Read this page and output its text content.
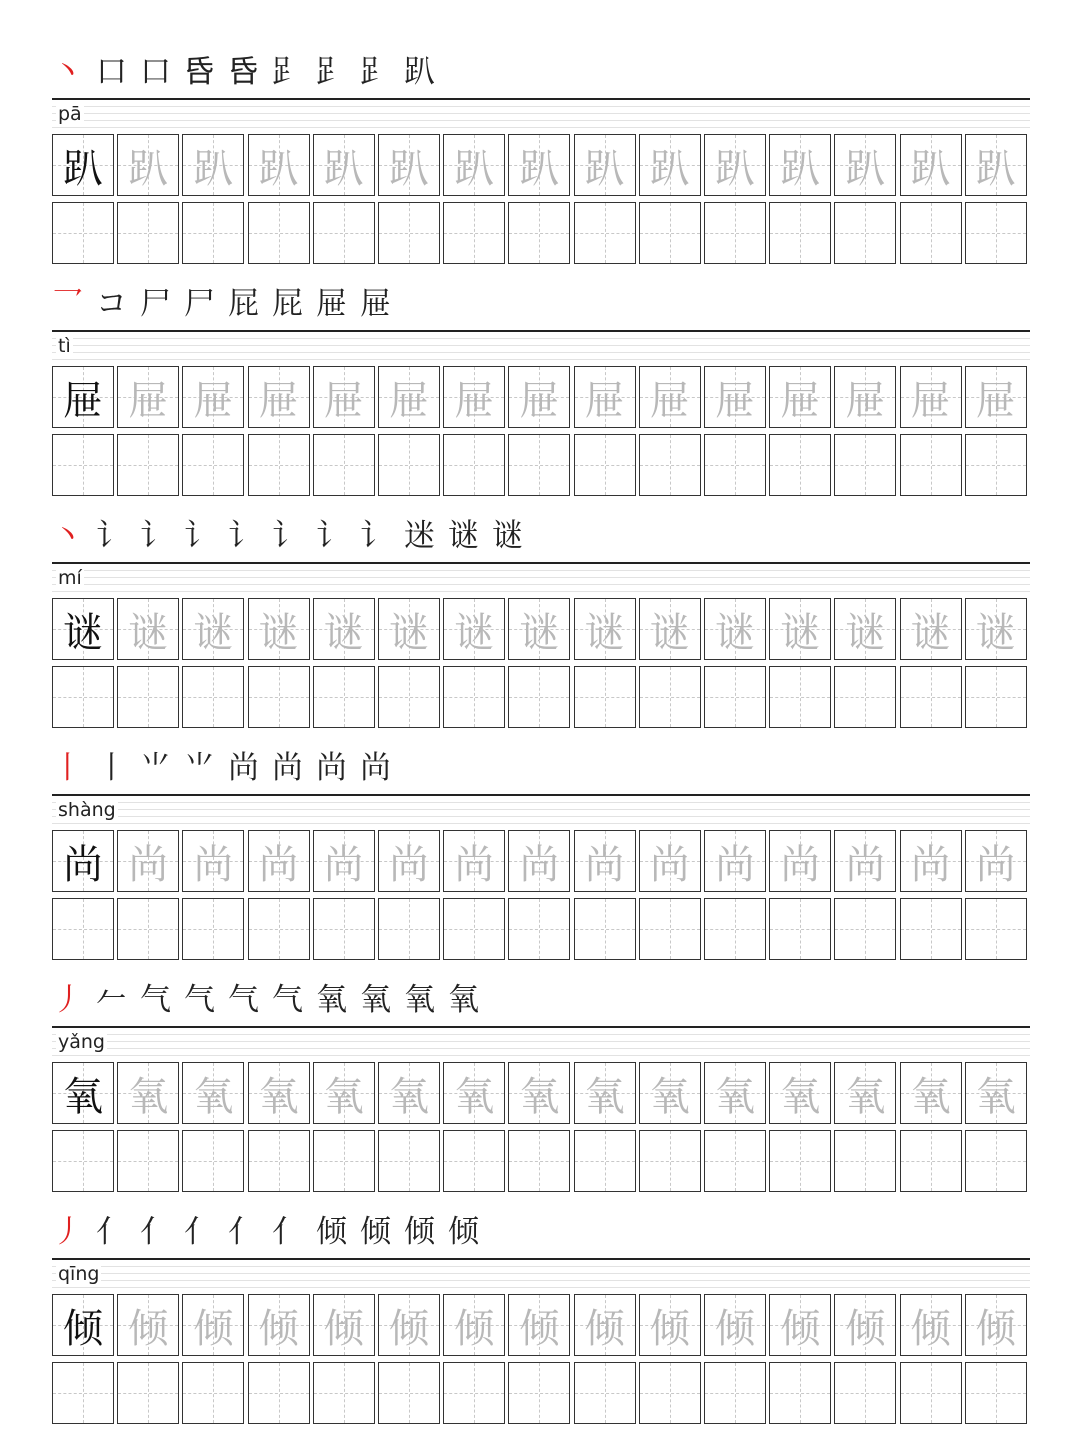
丶 口 口 𠯑 𠯑 𧾷 𧾷 𧾷 趴
pā
趴 趴 趴 趴 趴 趴 趴 趴 趴 趴 趴 趴 趴 趴 趴
乛 コ 尸 尸 屁 屁 屉 屉
tì
屉 屉 屉 屉 屉 屉 屉 屉 屉 屉 屉 屉 屉 屉 屉
丶 讠 讠 讠 讠 讠 讠 讠 迷 谜 谜
mí
谜 谜 谜 谜 谜 谜 谜 谜 谜 谜 谜 谜 谜 谜 谜
丨 丨 ⺌ ⺌ 尚 尚 尚 尚
shàng
尚 尚 尚 尚 尚 尚 尚 尚 尚 尚 尚 尚 尚 尚 尚
丿 𠂉 气 气 气 气 氧 氧 氧 氧
yǎng
氧 氧 氧 氧 氧 氧 氧 氧 氧 氧 氧 氧 氧 氧 氧
丿 亻 亻 亻 亻 亻 倾 倾 倾 倾
qīng
倾 倾 倾 倾 倾 倾 倾 倾 倾 倾 倾 倾 倾 倾 倾
